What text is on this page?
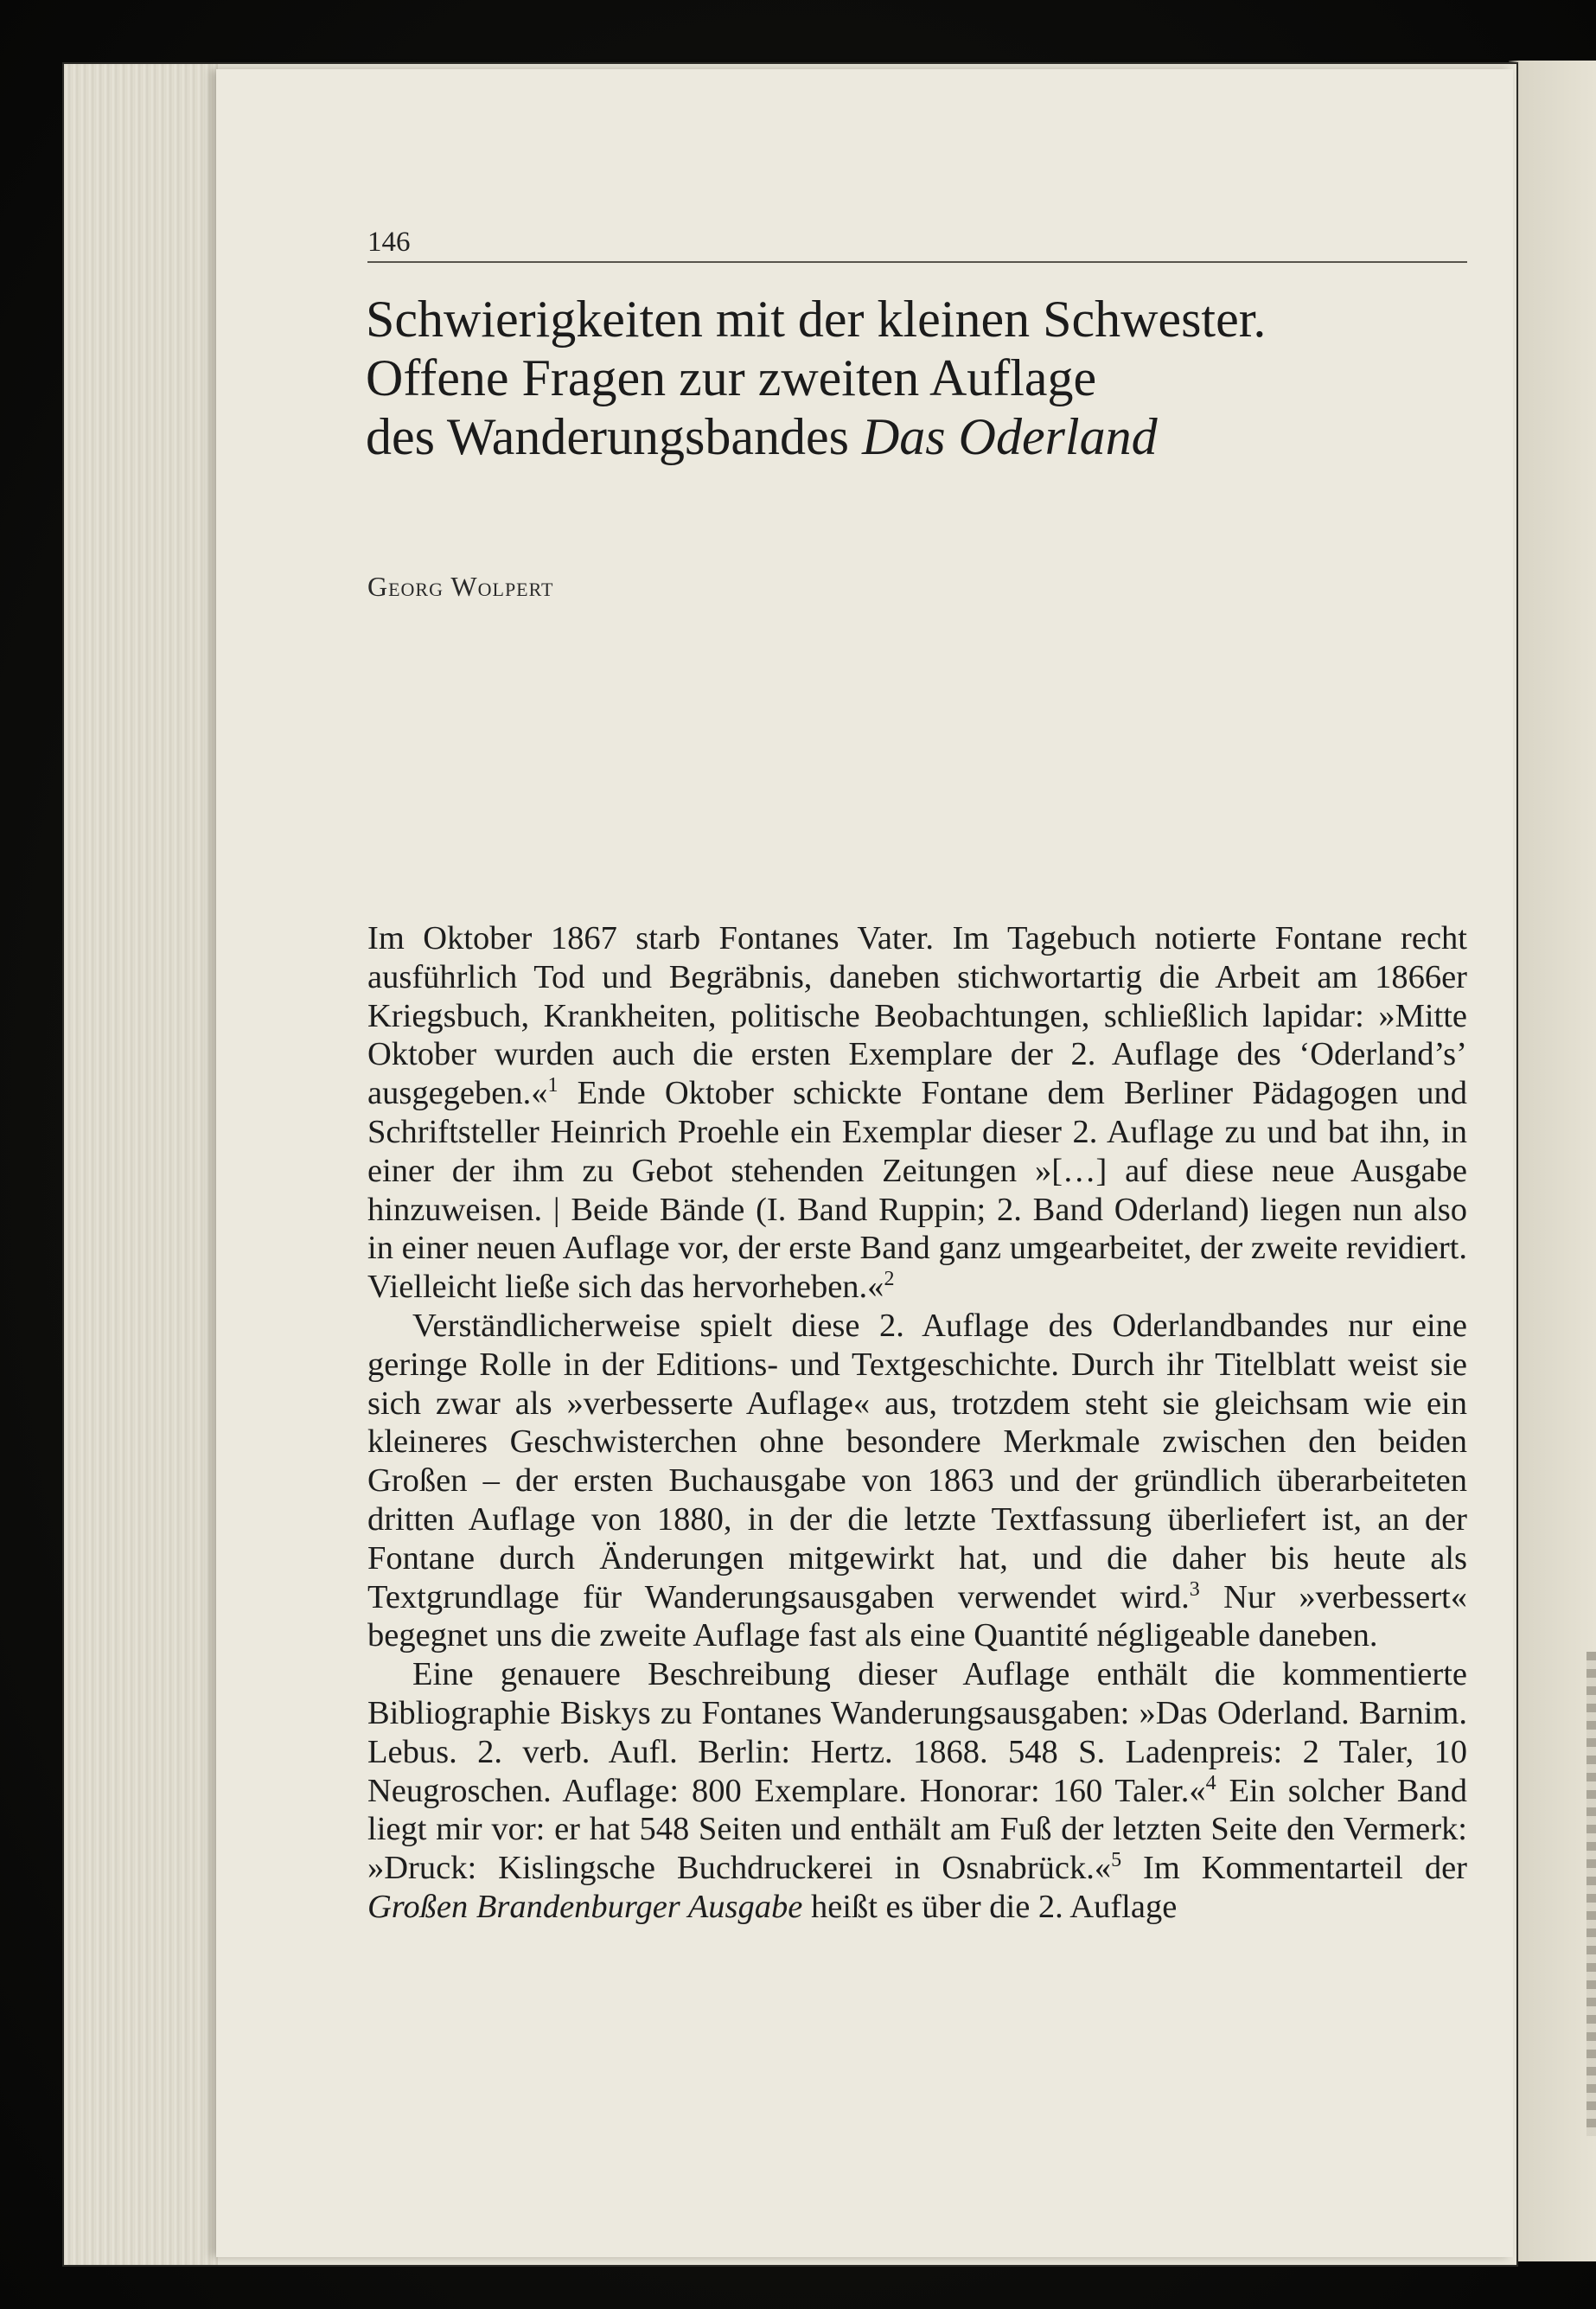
146
Schwierigkeiten mit der kleinen Schwester.
Offene Fragen zur zweiten Auflage
des Wanderungsbandes Das Oderland
Georg Wolpert

Im Oktober 1867 starb Fontanes Vater. Im Tagebuch notierte Fontane recht ausführlich Tod und Begräbnis, daneben stichwortartig die Arbeit am 1866er Kriegsbuch, Krankheiten, politische Beobachtungen, schließlich lapidar: »Mitte Oktober wurden auch die ersten Exemplare der 2. Auflage des ‘Oderland’s’ ausgegeben.«$^1$ Ende Oktober schickte Fontane dem Berliner Pädagogen und Schriftsteller Heinrich Proehle ein Exemplar dieser 2. Auflage zu und bat ihn, in einer der ihm zu Gebot stehenden Zeitungen »[…] auf diese neue Ausgabe hinzuweisen. | Beide Bände (I. Band Ruppin; 2. Band Oderland) liegen nun also in einer neuen Auflage vor, der erste Band ganz umgearbeitet, der zweite revidiert. Vielleicht ließe sich das hervorheben.«$^2$

Verständlicherweise spielt diese 2. Auflage des Oderlandbandes nur eine geringe Rolle in der Editions- und Textgeschichte. Durch ihr Titelblatt weist sie sich zwar als »verbesserte Auflage« aus, trotzdem steht sie gleichsam wie ein kleineres Geschwisterchen ohne besondere Merkmale zwischen den beiden Großen – der ersten Buchausgabe von 1863 und der gründlich überarbeiteten dritten Auflage von 1880, in der die letzte Textfassung überliefert ist, an der Fontane durch Änderungen mitgewirkt hat, und die daher bis heute als Textgrundlage für Wanderungsausgaben verwendet wird.$^3$ Nur »verbessert« begegnet uns die zweite Auflage fast als eine Quantité négligeable daneben.

Eine genauere Beschreibung dieser Auflage enthält die kommentierte Bibliographie Biskys zu Fontanes Wanderungsausgaben: »Das Oderland. Barnim. Lebus. 2. verb. Aufl. Berlin: Hertz. 1868. 548 S. Ladenpreis: 2 Taler, 10 Neugroschen. Auflage: 800 Exemplare. Honorar: 160 Taler.«$^4$ Ein solcher Band liegt mir vor: er hat 548 Seiten und enthält am Fuß der letzten Seite den Vermerk: »Druck: Kislingsche Buchdruckerei in Osnabrück.«$^5$ Im Kommentarteil der Großen Brandenburger Ausgabe heißt es über die 2. Auflage
